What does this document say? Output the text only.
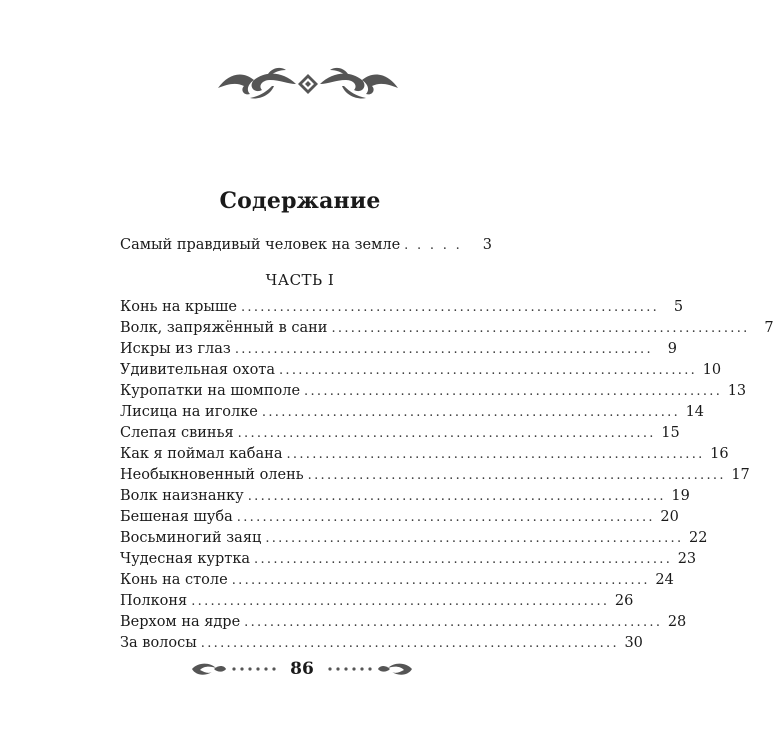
Содержание
Самый правдивый человек на земле . . . . .	3
ЧАСТЬ I
Конь на крыше .................................................................	5
Волк, запряжённый в сани .................................................................	7
Искры из глаз .................................................................	9
Удивительная охота ................................................................. 10
Куропатки на шомполе ................................................................. 13
Лисица на иголке ................................................................. 14
Слепая свинья ................................................................. 15
Как я поймал кабана ................................................................. 16
Необыкновенный олень ................................................................. 17
Волк наизнанку ................................................................. 19
Бешеная шуба ................................................................. 20
Восьминогий заяц ................................................................. 22
Чудесная куртка ................................................................. 23
Конь на столе ................................................................. 24
Полконя ................................................................. 26
Верхом на ядре ................................................................. 28
За волосы ................................................................. 30
86
